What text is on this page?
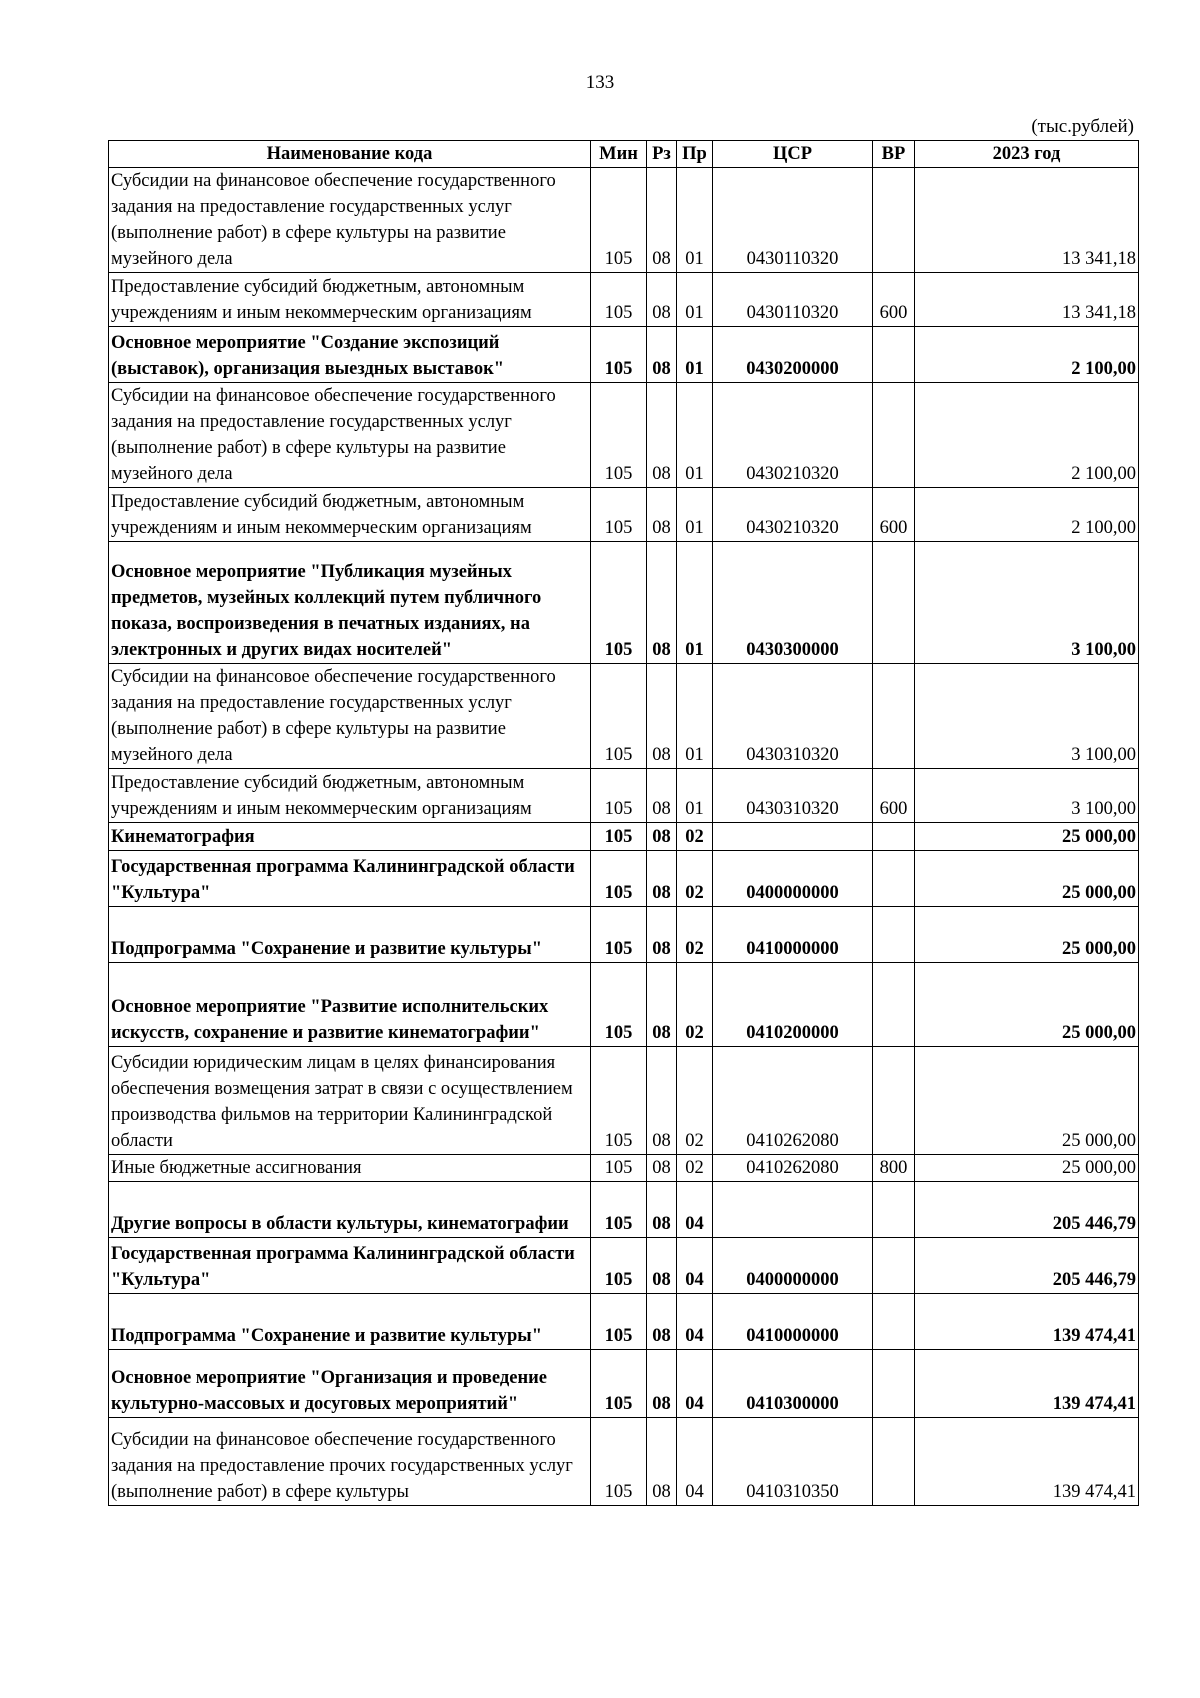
133
(тыс.рублей)
Наименование кода	Мин	Рз	Пр	ЦСР	ВР	2023 год
Субсидии на финансовое обеспечение государственного задания на предоставление государственных услуг (выполнение работ) в сфере культуры на развитие музейного дела	105	08	01	0430110320		13 341,18
Предоставление субсидий бюджетным, автономным учреждениям и иным некоммерческим организациям	105	08	01	0430110320	600	13 341,18
Основное мероприятие "Создание экспозиций (выставок), организация выездных выставок"	105	08	01	0430200000		2 100,00
Субсидии на финансовое обеспечение государственного задания на предоставление государственных услуг (выполнение работ) в сфере культуры на развитие музейного дела	105	08	01	0430210320		2 100,00
Предоставление субсидий бюджетным, автономным учреждениям и иным некоммерческим организациям	105	08	01	0430210320	600	2 100,00
Основное мероприятие "Публикация музейных предметов, музейных коллекций путем публичного показа, воспроизведения в печатных изданиях, на электронных и других видах носителей"	105	08	01	0430300000		3 100,00
Субсидии на финансовое обеспечение государственного задания на предоставление государственных услуг (выполнение работ) в сфере культуры на развитие музейного дела	105	08	01	0430310320		3 100,00
Предоставление субсидий бюджетным, автономным учреждениям и иным некоммерческим организациям	105	08	01	0430310320	600	3 100,00
Кинематография	105	08	02			25 000,00
Государственная программа Калининградской области "Культура"	105	08	02	0400000000		25 000,00
Подпрограмма "Сохранение и развитие культуры"	105	08	02	0410000000		25 000,00
Основное мероприятие "Развитие исполнительских искусств, сохранение и развитие кинематографии"	105	08	02	0410200000		25 000,00
Субсидии юридическим лицам в целях финансирования обеспечения возмещения затрат в связи с осуществлением производства фильмов на территории Калининградской области	105	08	02	0410262080		25 000,00
Иные бюджетные ассигнования	105	08	02	0410262080	800	25 000,00
Другие вопросы в области культуры, кинематографии	105	08	04			205 446,79
Государственная программа Калининградской области "Культура"	105	08	04	0400000000		205 446,79
Подпрограмма "Сохранение и развитие культуры"	105	08	04	0410000000		139 474,41
Основное мероприятие "Организация и проведение культурно-массовых и досуговых мероприятий"	105	08	04	0410300000		139 474,41
Субсидии на финансовое обеспечение государственного задания на предоставление прочих государственных услуг (выполнение работ) в сфере культуры	105	08	04	0410310350		139 474,41
